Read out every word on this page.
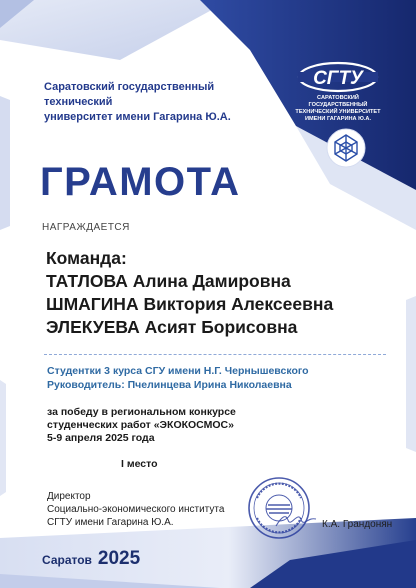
Саратовский государственный технический
университет имени Гагарина Ю.А.
СГТУ
САРАТОВСКИЙ ГОСУДАРСТВЕННЫЙ
ТЕХНИЧЕСКИЙ УНИВЕРСИТЕТ
ИМЕНИ ГАГАРИНА Ю.А.
ГРАМОТА
НАГРАЖДАЕТСЯ
Команда:
ТАТЛОВА Алина Дамировна
ШМАГИНА Виктория Алексеевна
ЭЛЕКУЕВА Асият Борисовна
Студентки 3 курса СГУ имени Н.Г. Чернышевского
Руководитель: Пчелинцева Ирина Николаевна
за победу в региональном конкурсе
студенческих работ «ЭКОКОСМОС»
5-9 апреля 2025 года
I место
Директор
Социально-экономического института
СГТУ имени Гагарина Ю.А.	К.А. Грандонян
Саратов 2025
